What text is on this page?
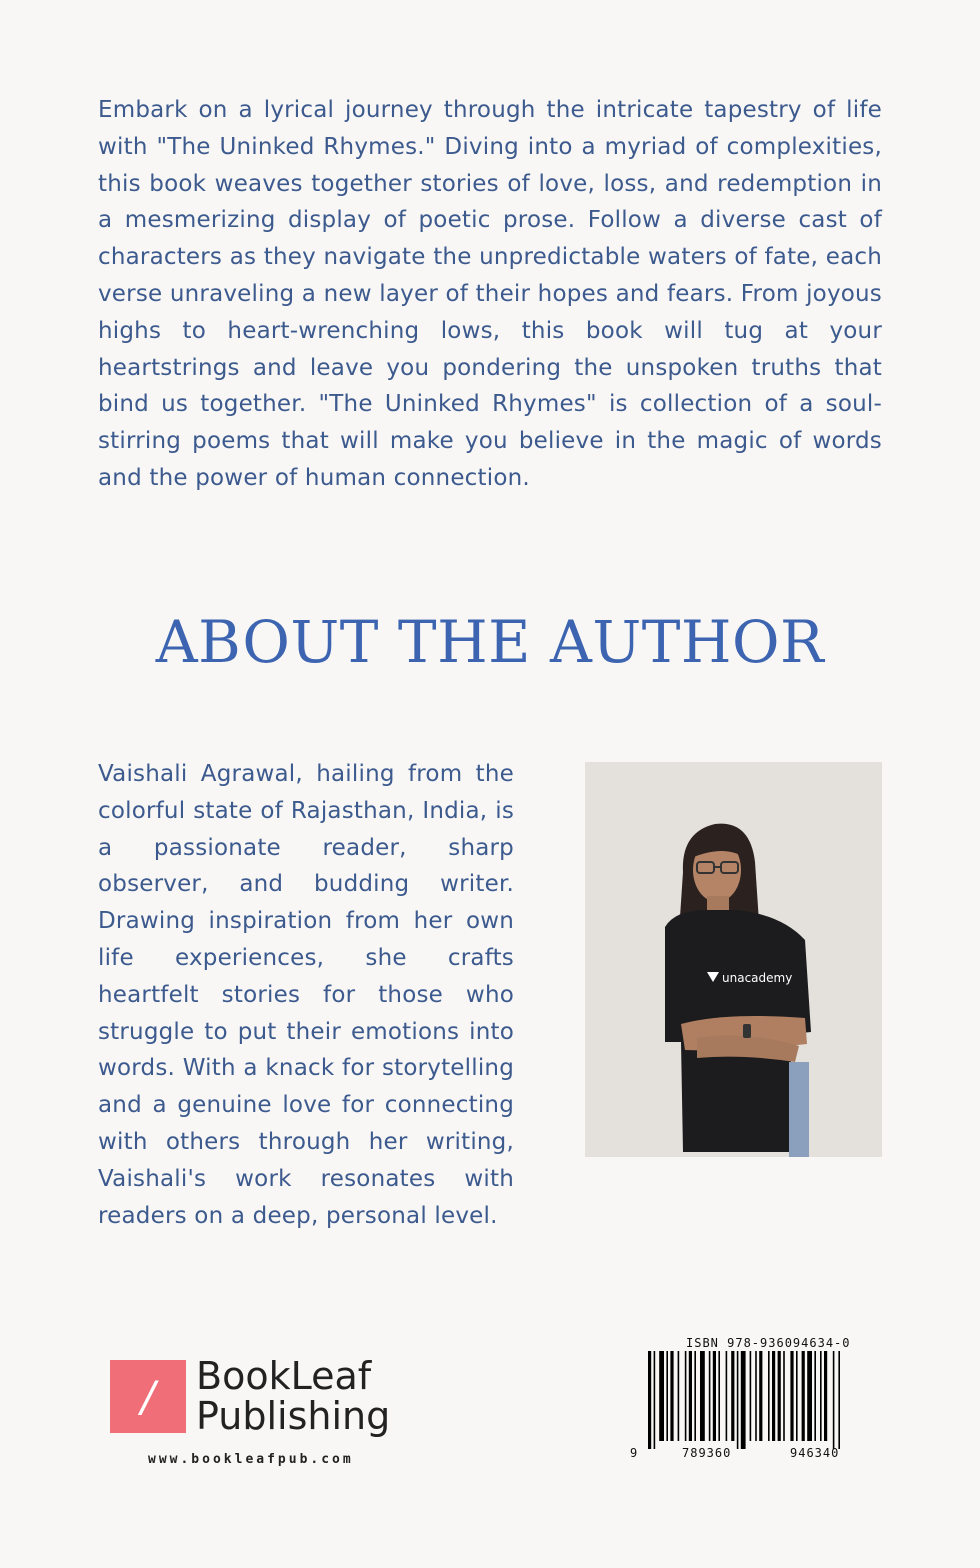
Embark on a lyrical journey through the intricate tapestry of life with "The Uninked Rhymes." Diving into a myriad of complexities, this book weaves together stories of love, loss, and redemption in a mesmerizing display of poetic prose. Follow a diverse cast of characters as they navigate the unpredictable waters of fate, each verse unraveling a new layer of their hopes and fears. From joyous highs to heart-wrenching lows, this book will tug at your heartstrings and leave you pondering the unspoken truths that bind us together. "The Uninked Rhymes" is collection of a soul-stirring poems that will make you believe in the magic of words and the power of human connection.

ABOUT THE AUTHOR

Vaishali Agrawal, hailing from the colorful state of Rajasthan, India, is a passionate reader, sharp observer, and budding writer. Drawing inspiration from her own life experiences, she crafts heartfelt stories for those who struggle to put their emotions into words. With a knack for storytelling and a genuine love for connecting with others through her writing, Vaishali's work resonates with readers on a deep, personal level.

unacademy
/	BookLeaf
Publishing
www.bookleafpub.com
ISBN 978-936094634-0
9	789360	946340
